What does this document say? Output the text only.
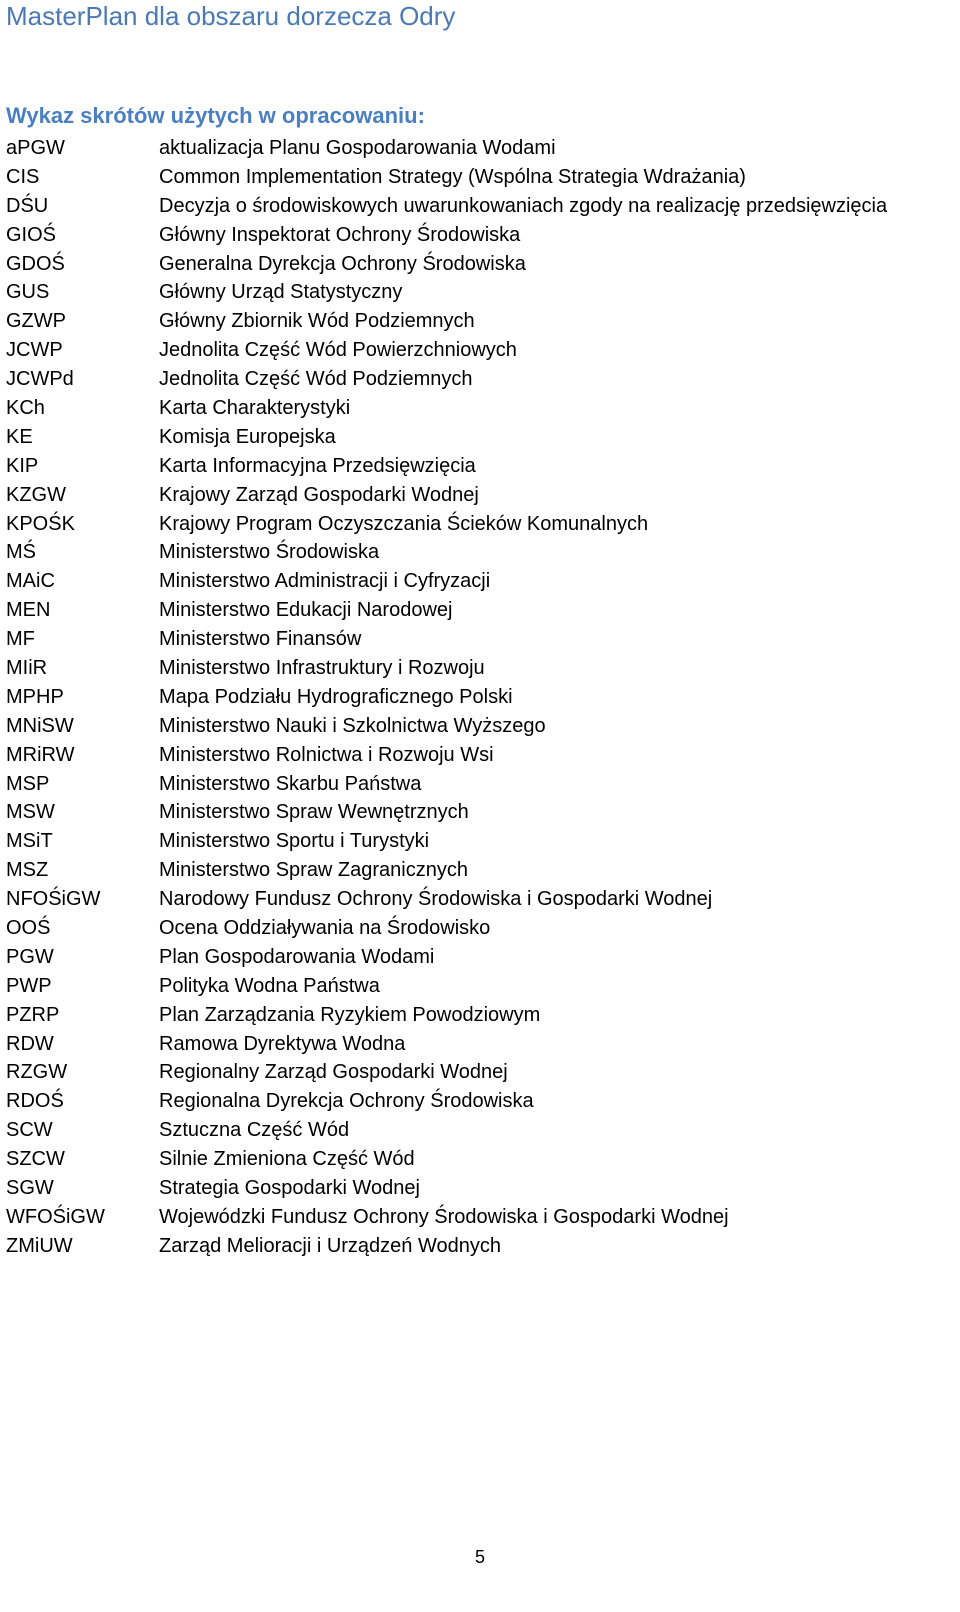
MasterPlan dla obszaru dorzecza Odry
Wykaz skrótów użytych w opracowaniu:
aPGW	aktualizacja Planu Gospodarowania Wodami
CIS	Common Implementation Strategy (Wspólna Strategia Wdrażania)
DŚU	Decyzja o środowiskowych uwarunkowaniach zgody na realizację przedsięwzięcia
GIOŚ	Główny Inspektorat Ochrony Środowiska
GDOŚ	Generalna Dyrekcja Ochrony Środowiska
GUS	Główny Urząd Statystyczny
GZWP	Główny Zbiornik Wód Podziemnych
JCWP	Jednolita Część Wód Powierzchniowych
JCWPd	Jednolita Część Wód Podziemnych
KCh	Karta Charakterystyki
KE	Komisja Europejska
KIP	Karta Informacyjna Przedsięwzięcia
KZGW	Krajowy Zarząd Gospodarki Wodnej
KPOŚK	Krajowy Program Oczyszczania Ścieków Komunalnych
MŚ	Ministerstwo Środowiska
MAiC	Ministerstwo Administracji i Cyfryzacji
MEN	Ministerstwo Edukacji Narodowej
MF	Ministerstwo Finansów
MIiR	Ministerstwo Infrastruktury i Rozwoju
MPHP	Mapa Podziału Hydrograficznego Polski
MNiSW	Ministerstwo Nauki i Szkolnictwa Wyższego
MRiRW	Ministerstwo Rolnictwa i Rozwoju Wsi
MSP	Ministerstwo Skarbu Państwa
MSW	Ministerstwo Spraw Wewnętrznych
MSiT	Ministerstwo Sportu i Turystyki
MSZ	Ministerstwo Spraw Zagranicznych
NFOŚiGW	Narodowy Fundusz Ochrony Środowiska i Gospodarki Wodnej
OOŚ	Ocena Oddziaływania na Środowisko
PGW	Plan Gospodarowania Wodami
PWP	Polityka Wodna Państwa
PZRP	Plan Zarządzania Ryzykiem Powodziowym
RDW	Ramowa Dyrektywa Wodna
RZGW	Regionalny Zarząd Gospodarki Wodnej
RDOŚ	Regionalna Dyrekcja Ochrony Środowiska
SCW	Sztuczna Część Wód
SZCW	Silnie Zmieniona Część Wód
SGW	Strategia Gospodarki Wodnej
WFOŚiGW	Wojewódzki Fundusz Ochrony Środowiska i Gospodarki Wodnej
ZMiUW	Zarząd Melioracji i Urządzeń Wodnych
5
